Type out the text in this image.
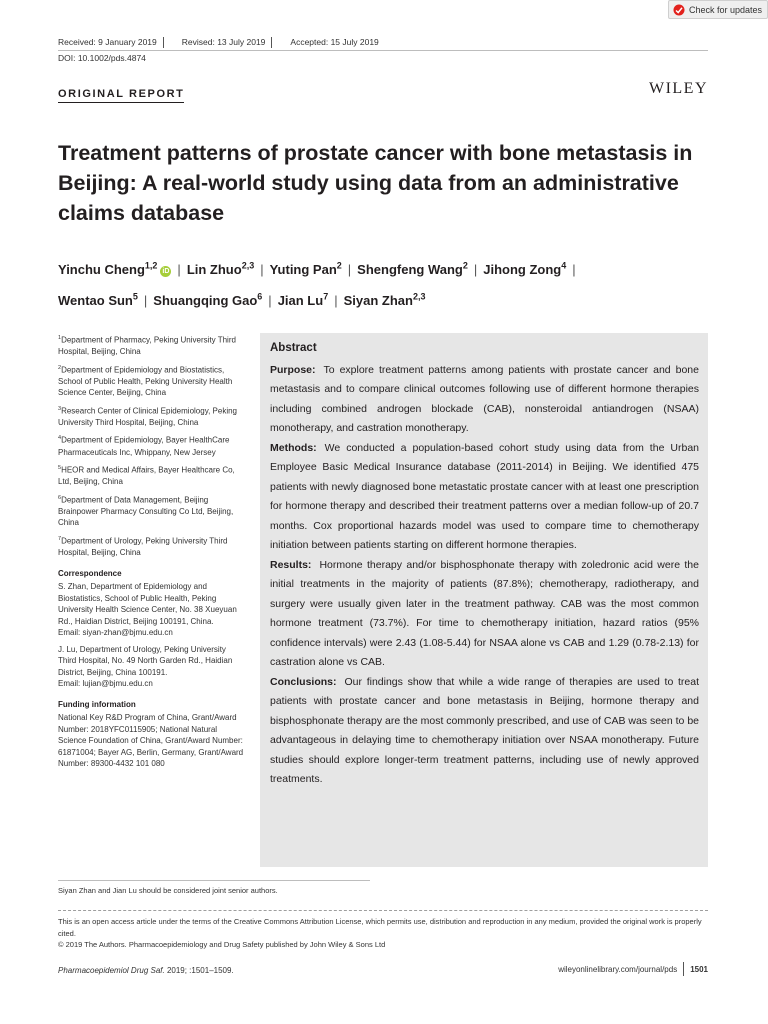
Check for updates
Received: 9 January 2019	Revised: 13 July 2019	Accepted: 15 July 2019
DOI: 10.1002/pds.4874
ORIGINAL REPORT	WILEY
Treatment patterns of prostate cancer with bone metastasis in Beijing: A real-world study using data from an administrative claims database
Yinchu Cheng$^{1,2}$iD | Lin Zhuo$^{2,3}$ | Yuting Pan$^2$ | Shengfeng Wang$^2$ | Jihong Zong$^4$ |
Wentao Sun$^5$ | Shuangqing Gao$^6$ | Jian Lu$^7$ | Siyan Zhan$^{2,3}$
$^1$Department of Pharmacy, Peking University Third Hospital, Beijing, China
$^2$Department of Epidemiology and Biostatistics, School of Public Health, Peking University Health Science Center, Beijing, China
$^3$Research Center of Clinical Epidemiology, Peking University Third Hospital, Beijing, China
$^4$Department of Epidemiology, Bayer HealthCare Pharmaceuticals Inc, Whippany, New Jersey
$^5$HEOR and Medical Affairs, Bayer Healthcare Co, Ltd, Beijing, China
$^6$Department of Data Management, Beijing Brainpower Pharmacy Consulting Co Ltd, Beijing, China
$^7$Department of Urology, Peking University Third Hospital, Beijing, China
Correspondence

S. Zhan, Department of Epidemiology and Biostatistics, School of Public Health, Peking University Health Science Center, No. 38 Xueyuan Rd., Haidian District, Beijing 100191, China.
Email: siyan-zhan@bjmu.edu.cn

J. Lu, Department of Urology, Peking University Third Hospital, No. 49 North Garden Rd., Haidian District, Beijing, China 100191.
Email: lujian@bjmu.edu.cn

Funding information

National Key R&D Program of China, Grant/Award Number: 2018YFC0115905; National Natural Science Foundation of China, Grant/Award Number: 61871004; Bayer AG, Berlin, Germany, Grant/Award Number: 89300-4432 101 080

Abstract

Purpose: To explore treatment patterns among patients with prostate cancer and bone metastasis and to compare clinical outcomes following use of different hormone therapies including combined androgen blockade (CAB), nonsteroidal antiandrogen (NSAA) monotherapy, and castration monotherapy.

Methods: We conducted a population-based cohort study using data from the Urban Employee Basic Medical Insurance database (2011-2014) in Beijing. We identified 475 patients with newly diagnosed bone metastatic prostate cancer with at least one prescription for hormone therapy and described their treatment patterns over a median follow-up of 20.7 months. Cox proportional hazards model was used to compare time to chemotherapy initiation between patients starting on different hormone therapies.

Results: Hormone therapy and/or bisphosphonate therapy with zoledronic acid were the initial treatments in the majority of patients (87.8%); chemotherapy, radiotherapy, and surgery were usually given later in the treatment pathway. CAB was the most common hormone treatment (73.7%). For time to chemotherapy initiation, hazard ratios (95% confidence intervals) were 2.43 (1.08-5.44) for NSAA alone vs CAB and 1.29 (0.78-2.13) for castration alone vs CAB.

Conclusions: Our findings show that while a wide range of therapies are used to treat patients with prostate cancer and bone metastasis in Beijing, hormone therapy and bisphosphonate therapy are the most commonly prescribed, and use of CAB was seen to be advantageous in delaying time to chemotherapy initiation over NSAA monotherapy. Future studies should explore longer-term treatment patterns, including use of newly approved treatments.

Siyan Zhan and Jian Lu should be considered joint senior authors.
This is an open access article under the terms of the Creative Commons Attribution License, which permits use, distribution and reproduction in any medium, provided the original work is properly cited.
© 2019 The Authors. Pharmacoepidemiology and Drug Safety published by John Wiley & Sons Ltd
Pharmacoepidemiol Drug Saf. 2019; :1501–1509.	wileyonlinelibrary.com/journal/pds 1501
